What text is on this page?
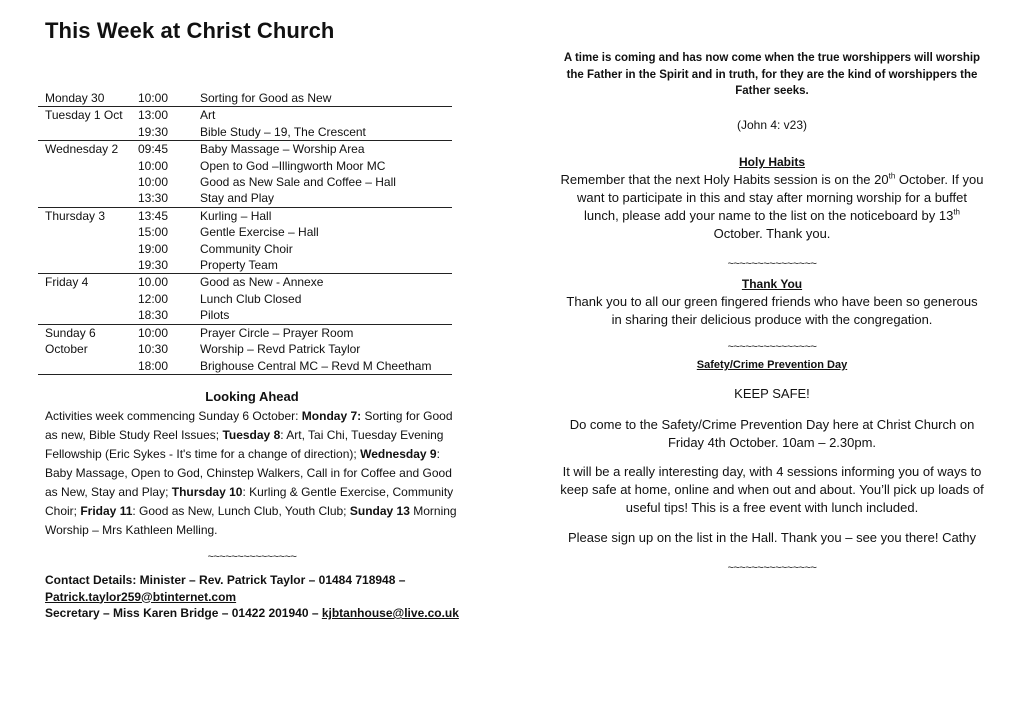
This Week at Christ Church
Monday 30	10:00	Sorting for Good as New
Tuesday 1 Oct	13:00	Art
19:30	Bible Study – 19, The Crescent
Wednesday 2	09:45	Baby Massage – Worship Area
10:00	Open to God –Illingworth Moor MC
10:00	Good as New Sale and Coffee – Hall
13:30	Stay and Play
Thursday 3	13:45	Kurling – Hall
15:00	Gentle Exercise – Hall
19:00	Community Choir
19:30	Property Team
Friday 4	10.00	Good as New - Annexe
12:00	Lunch Club Closed
18:30	Pilots
Sunday 6	10:00	Prayer Circle – Prayer Room
October	10:30	Worship – Revd Patrick Taylor
18:00	Brighouse Central MC – Revd M Cheetham
Looking Ahead
Activities week commencing Sunday 6 October: Monday 7: Sorting for Good as new, Bible Study Reel Issues; Tuesday 8: Art, Tai Chi, Tuesday Evening Fellowship (Eric Sykes - It's time for a change of direction); Wednesday 9: Baby Massage, Open to God, Chinstep Walkers, Call in for Coffee and Good as New, Stay and Play; Thursday 10: Kurling & Gentle Exercise, Community Choir; Friday 11: Good as New, Lunch Club, Youth Club; Sunday 13 Morning Worship – Mrs Kathleen Melling.
~~~~~~~~~~~~~~~
Contact Details: Minister – Rev. Patrick Taylor – 01484 718948 –
Patrick.taylor259@btinternet.com
Secretary – Miss Karen Bridge – 01422 201940 – kjbtanhouse@live.co.uk
A time is coming and has now come when the true worshippers will worship the Father in the Spirit and in truth, for they are the kind of worshippers the Father seeks.
(John 4: v23)
Holy Habits
Remember that the next Holy Habits session is on the 20th October. If you want to participate in this and stay after morning worship for a buffet lunch, please add your name to the list on the noticeboard by 13th October. Thank you.
~~~~~~~~~~~~~~~
Thank You
Thank you to all our green fingered friends who have been so generous in sharing their delicious produce with the congregation.
~~~~~~~~~~~~~~~
Safety/Crime Prevention Day
KEEP SAFE!
Do come to the Safety/Crime Prevention Day here at Christ Church on Friday 4th October. 10am – 2.30pm.
It will be a really interesting day, with 4 sessions informing you of ways to keep safe at home, online and when out and about. You’ll pick up loads of useful tips! This is a free event with lunch included.
Please sign up on the list in the Hall. Thank you – see you there! Cathy
~~~~~~~~~~~~~~~
